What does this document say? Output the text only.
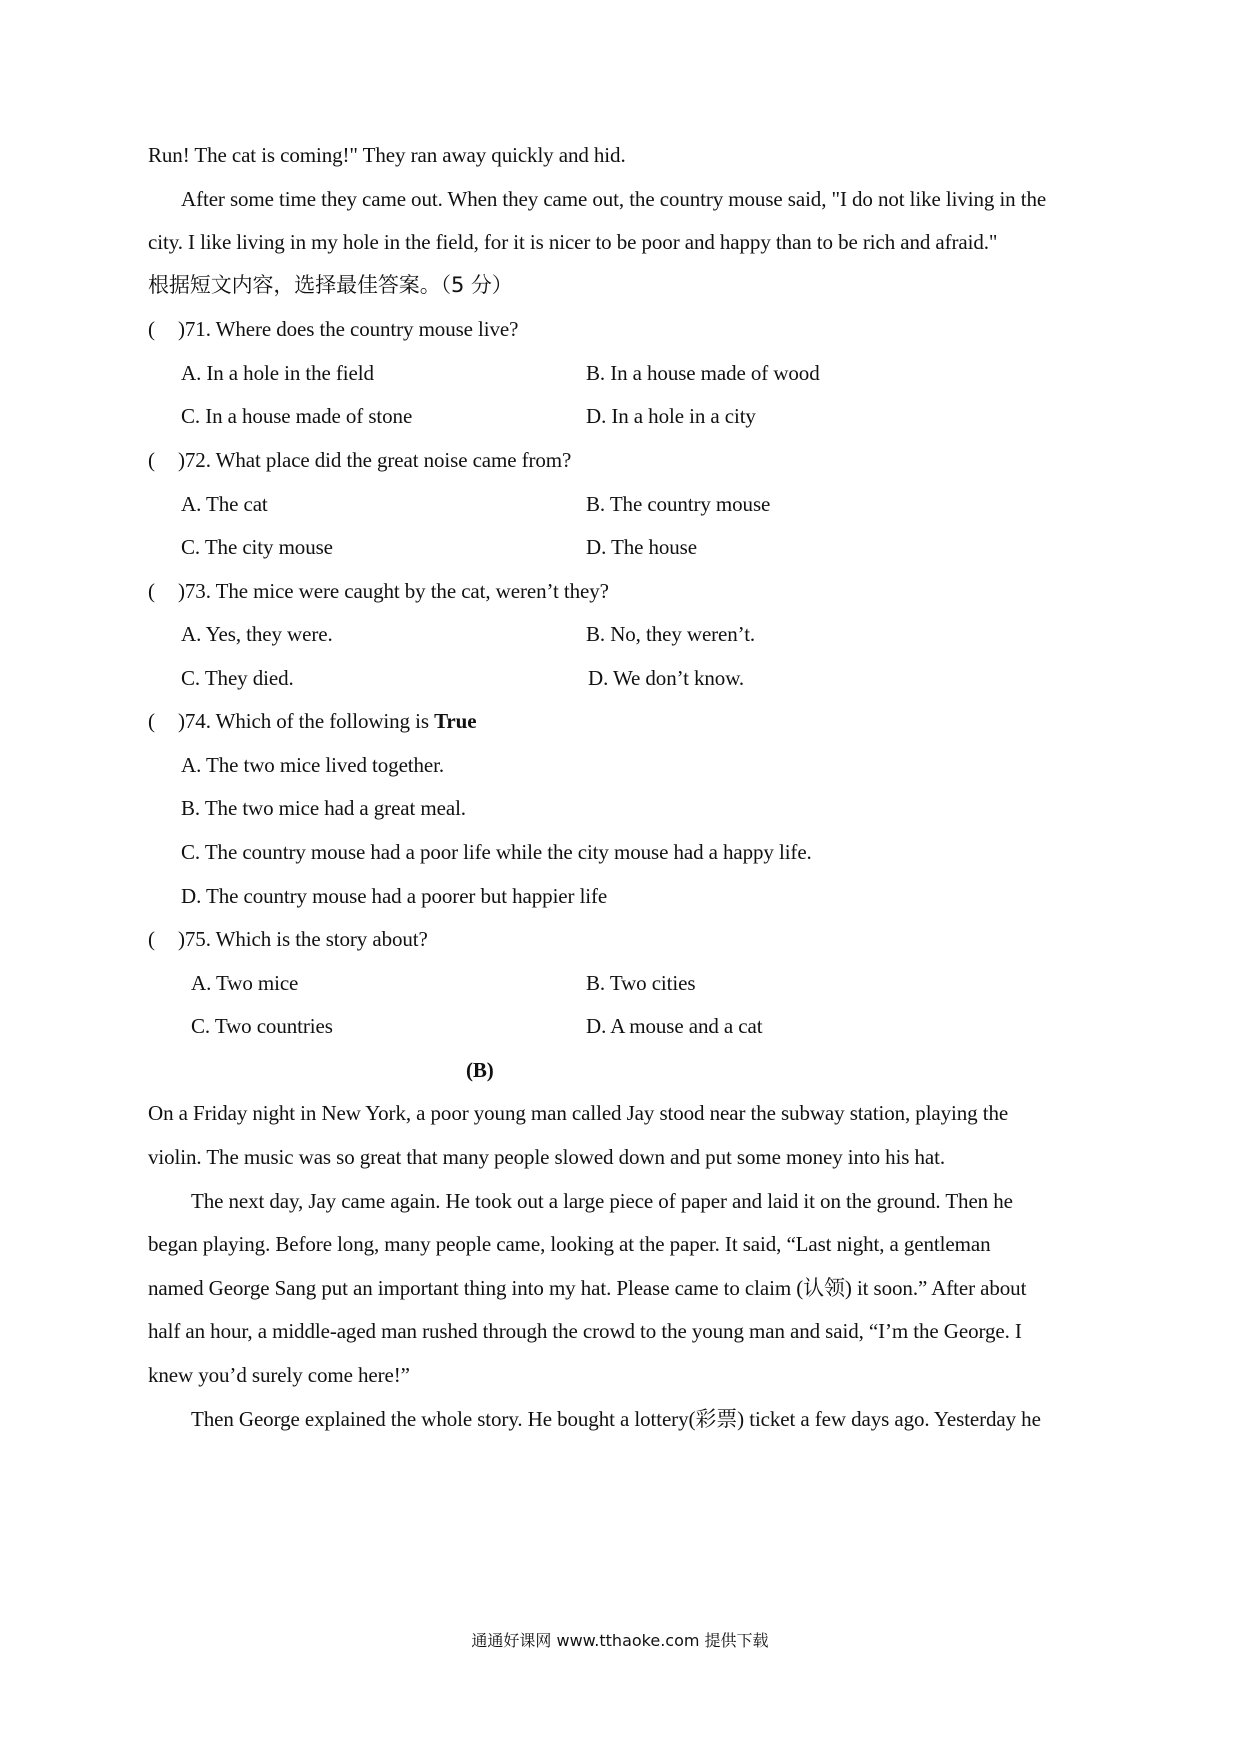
Run! The cat is coming!" They ran away quickly and hid.
After some time they came out. When they came out, the country mouse said, "I do not like living in the
city. I like living in my hole in the field, for it is nicer to be poor and happy than to be rich and afraid."
根据短文内容，选择最佳答案。（5 分）
( )71. Where does the country mouse live?
A. In a hole in the field	B. In a house made of wood
C. In a house made of stone	D. In a hole in a city
( )72. What place did the great noise came from?
A. The cat	B. The country mouse
C. The city mouse	D. The house
( )73. The mice were caught by the cat, weren’t they?
A. Yes, they were.	B. No, they weren’t.
C. They died.	D. We don’t know.
( )74. Which of the following is True
A. The two mice lived together.
B. The two mice had a great meal.
C. The country mouse had a poor life while the city mouse had a happy life.
D. The country mouse had a poorer but happier life
( )75. Which is the story about?
A. Two mice	B. Two cities
C. Two countries	D. A mouse and a cat
(B)
On a Friday night in New York, a poor young man called Jay stood near the subway station, playing the
violin. The music was so great that many people slowed down and put some money into his hat.
The next day, Jay came again. He took out a large piece of paper and laid it on the ground. Then he
began playing. Before long, many people came, looking at the paper. It said, “Last night, a gentleman
named George Sang put an important thing into my hat. Please came to claim (认领) it soon.” After about
half an hour, a middle-aged man rushed through the crowd to the young man and said, “I’m the George. I
knew you’d surely come here!”
Then George explained the whole story. He bought a lottery(彩票) ticket a few days ago. Yesterday he
通通好课网 www.tthaoke.com 提供下载
